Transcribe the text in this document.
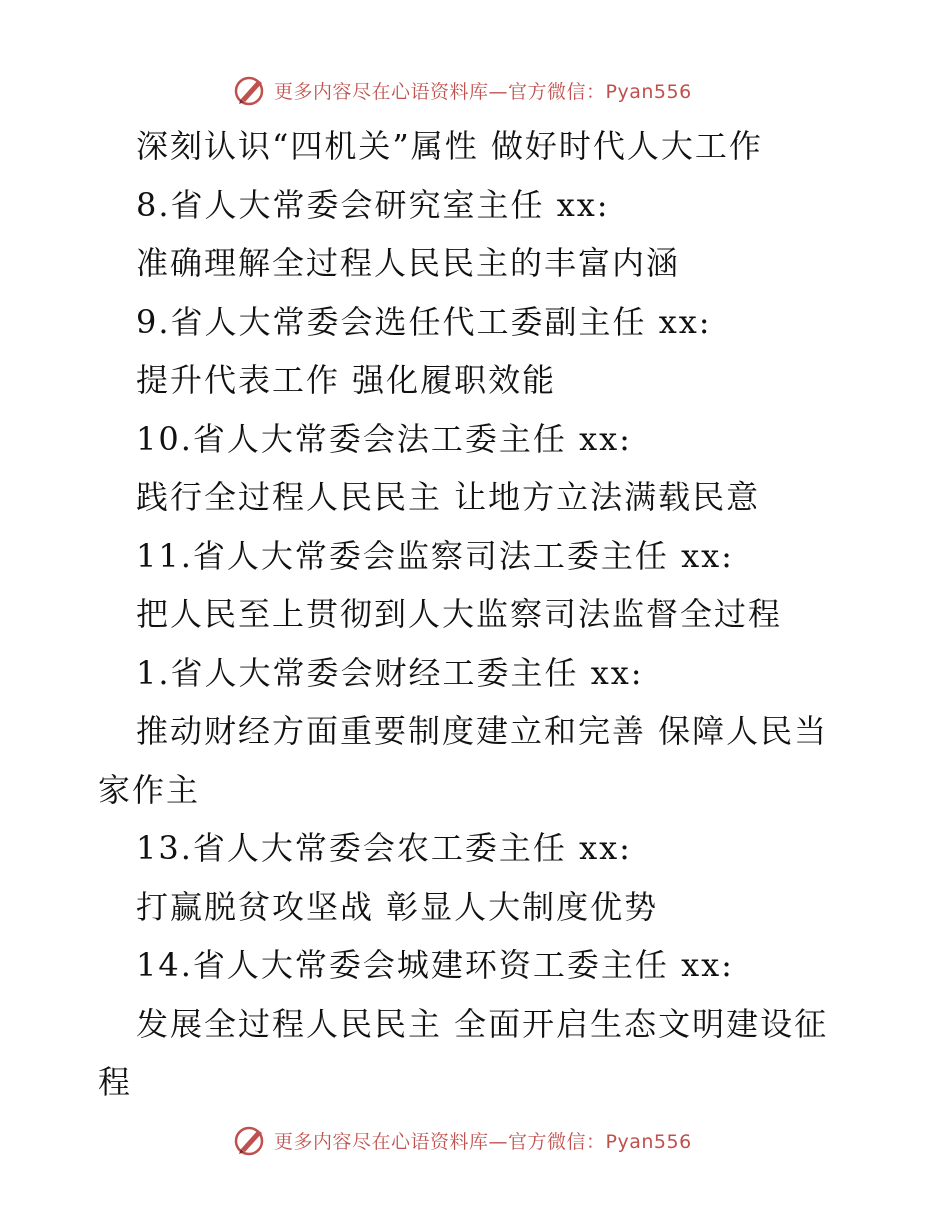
更多内容尽在心语资料库—官方微信：Pyan556

深刻认识“四机关”属性 做好时代人大工作

8.省人大常委会研究室主任 xx:

准确理解全过程人民民主的丰富内涵

9.省人大常委会选任代工委副主任 xx:

提升代表工作 强化履职效能

10.省人大常委会法工委主任 xx:

践行全过程人民民主 让地方立法满载民意

11.省人大常委会监察司法工委主任 xx:

把人民至上贯彻到人大监察司法监督全过程

1.省人大常委会财经工委主任 xx:

推动财经方面重要制度建立和完善 保障人民当家作主

13.省人大常委会农工委主任 xx:

打赢脱贫攻坚战 彰显人大制度优势

14.省人大常委会城建环资工委主任 xx:

发展全过程人民民主 全面开启生态文明建设征程

更多内容尽在心语资料库—官方微信：Pyan556
